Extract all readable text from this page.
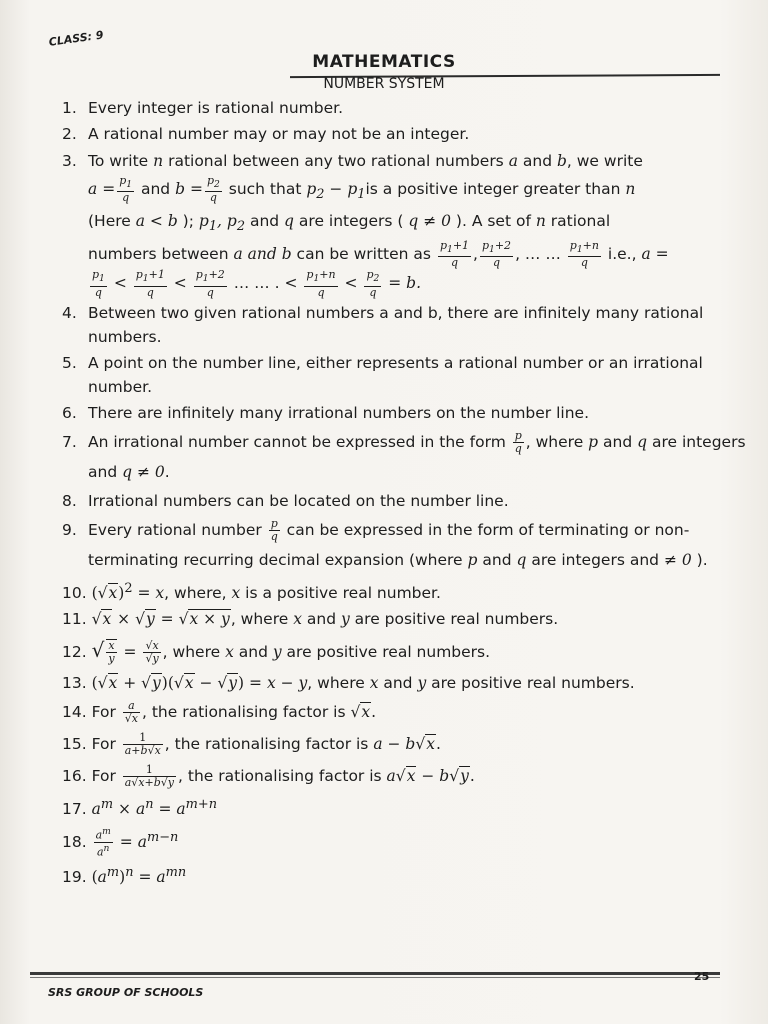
CLASS: 9
MATHEMATICS
NUMBER SYSTEM
1. Every integer is rational number.
2. A rational number may or may not be an integer.
3. To write n rational between any two rational numbers a and b, we write
$a = \frac{p_1}{q}$ and $b = \frac{p_2}{q}$ such that $p_2 - p_1is$ a positive integer greater than n
(Here a < b ); $p_1$, $p_2$ and q are integers ( q ≠ 0 ). A set of n rational
numbers between a and b can be written as $\frac{p_1+1}{q}$ , $\frac{p_1+2}{q}$ , … … $\frac{p_1+n}{q} i.e$., a =

$\frac{p_1}{q} < \frac{p_1+1}{q} < \frac{p_1+2}{q}$ … … . < $\frac{p_1+n}{q} < \frac{p_2}{q} = b$.
4. Between two given rational numbers a and b, there are infinitely many rational numbers.
5. A point on the number line, either represents a rational number or an irrational number.
6. There are infinitely many irrational numbers on the number line.
7. An irrational number cannot be expressed in the form $\frac{p}{q}$ , where p and q are integers and q ≠ 0.
8. Irrational numbers can be located on the number line.
9. Every rational number $\frac{p}{q}$ can be expressed in the form of terminating or non-terminating recurring decimal expansion (where p and q are integers and ≠ 0 ).
10. $(√x)^2 = x$, where, x is a positive real number.
11. √x × √y = √x × y, where x and y are positive real numbers.
12. √ $\frac{x}{y} = \frac{√x}{√y}$ , where x and y are positive real numbers.
13. (√x + √y)(√x − √y) = x − y, where x and y are positive real numbers.
14. For $\frac{a}{√x}$ , the rationalising factor is √x.
15. For $\frac{1}{a+b√x}$ , the rationalising factor is a − b√x.
16. For $\frac{1}{a√x+b√y}$ , the rationalising factor is a√x − b√y.
17. $a^m \times a^n = a^{m+n}$
18. $\frac{a^m}{a^n} = a^{m-n}$
19. $(a^m)^n = a^{mn}$
25
SRS GROUP OF SCHOOLS
